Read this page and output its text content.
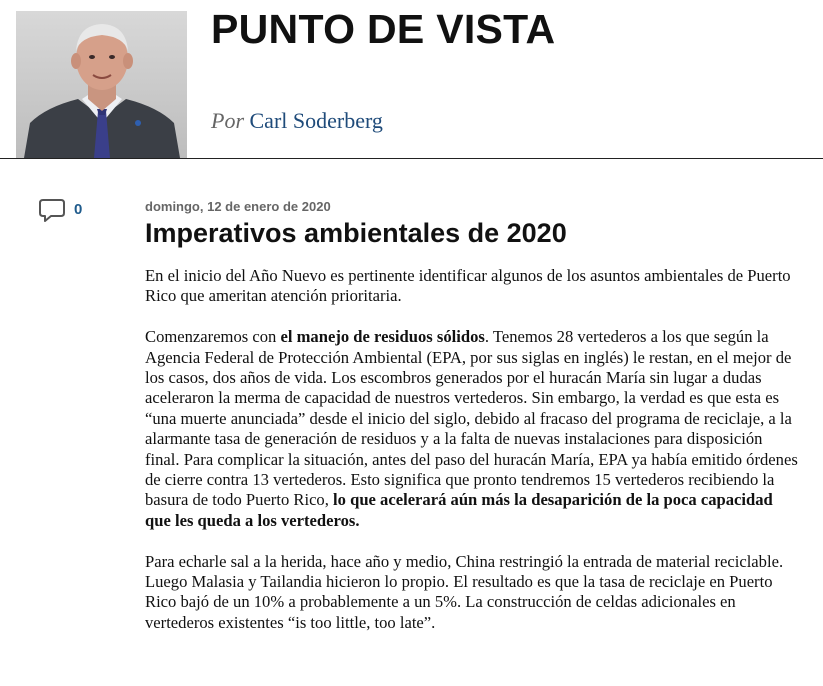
PUNTO DE VISTA
Por Carl Soderberg
0	domingo, 12 de enero de 2020
Imperativos ambientales de 2020

En el inicio del Año Nuevo es pertinente identificar algunos de los asuntos ambientales de Puerto Rico que ameritan atención prioritaria.

Comenzaremos con el manejo de residuos sólidos. Tenemos 28 vertederos a los que según la Agencia Federal de Protección Ambiental (EPA, por sus siglas en inglés) le restan, en el mejor de los casos, dos años de vida. Los escombros generados por el huracán María sin lugar a dudas aceleraron la merma de capacidad de nuestros vertederos. Sin embargo, la verdad es que esta es “una muerte anunciada” desde el inicio del siglo, debido al fracaso del programa de reciclaje, a la alarmante tasa de generación de residuos y a la falta de nuevas instalaciones para disposición final. Para complicar la situación, antes del paso del huracán María, EPA ya había emitido órdenes de cierre contra 13 vertederos. Esto significa que pronto tendremos 15 vertederos recibiendo la basura de todo Puerto Rico, lo que acelerará aún más la desaparición de la poca capacidad que les queda a los vertederos.

Para echarle sal a la herida, hace año y medio, China restringió la entrada de material reciclable. Luego Malasia y Tailandia hicieron lo propio. El resultado es que la tasa de reciclaje en Puerto Rico bajó de un 10% a probablemente a un 5%. La construcción de celdas adicionales en vertederos existentes “is too little, too late”.
